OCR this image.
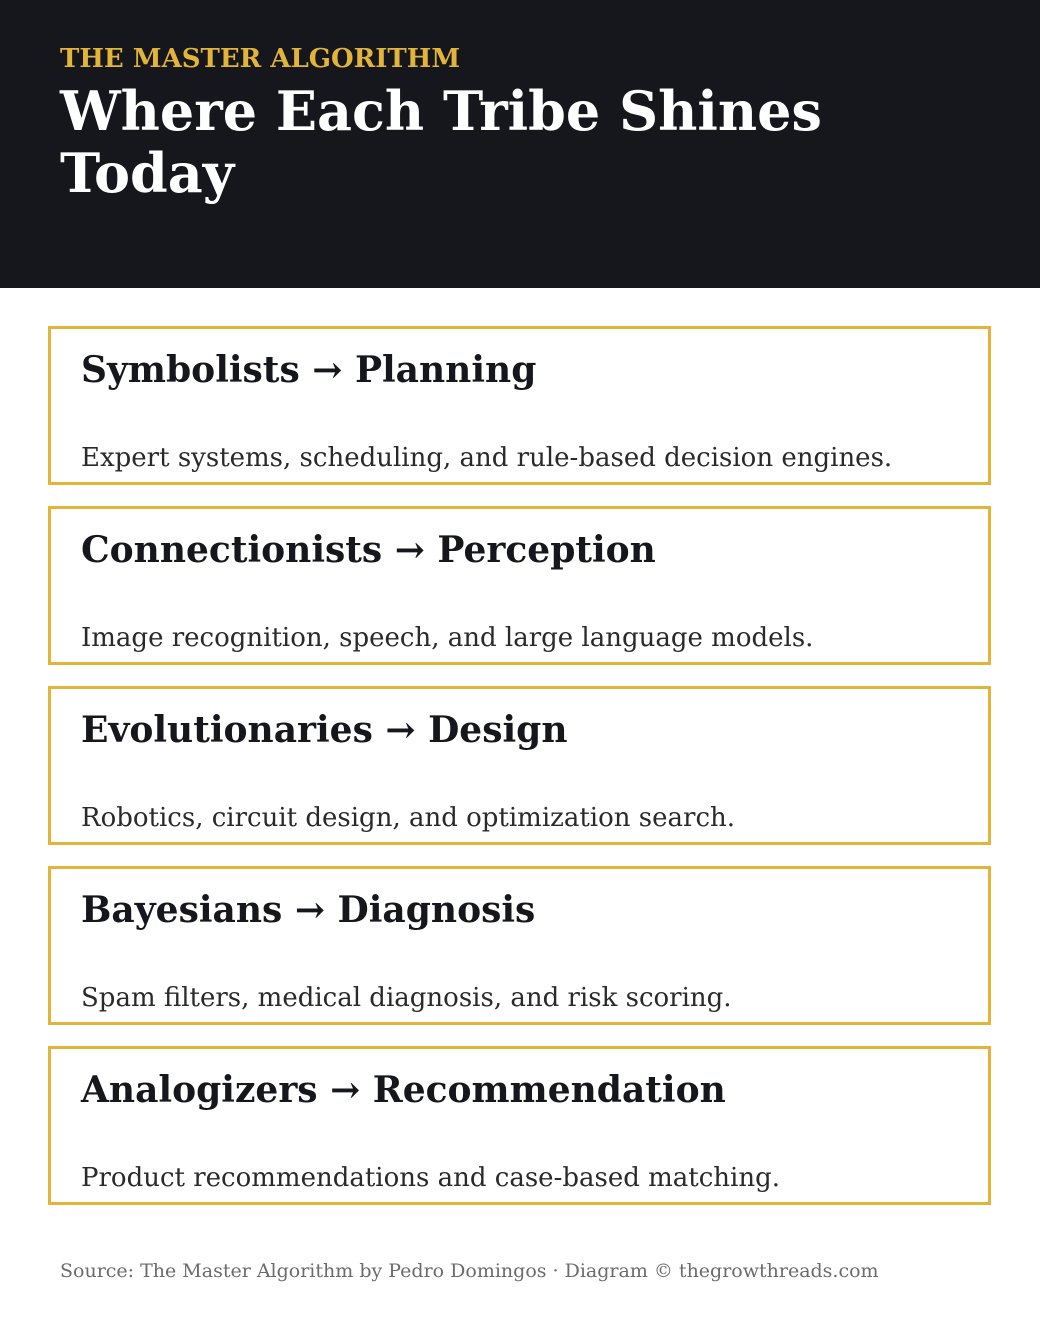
THE MASTER ALGORITHM
Where Each Tribe Shines Today
Symbolists → Planning
Expert systems, scheduling, and rule-based decision engines.
Connectionists → Perception
Image recognition, speech, and large language models.
Evolutionaries → Design
Robotics, circuit design, and optimization search.
Bayesians → Diagnosis
Spam filters, medical diagnosis, and risk scoring.
Analogizers → Recommendation
Product recommendations and case-based matching.
Source: The Master Algorithm by Pedro Domingos · Diagram © thegrowthreads.com
